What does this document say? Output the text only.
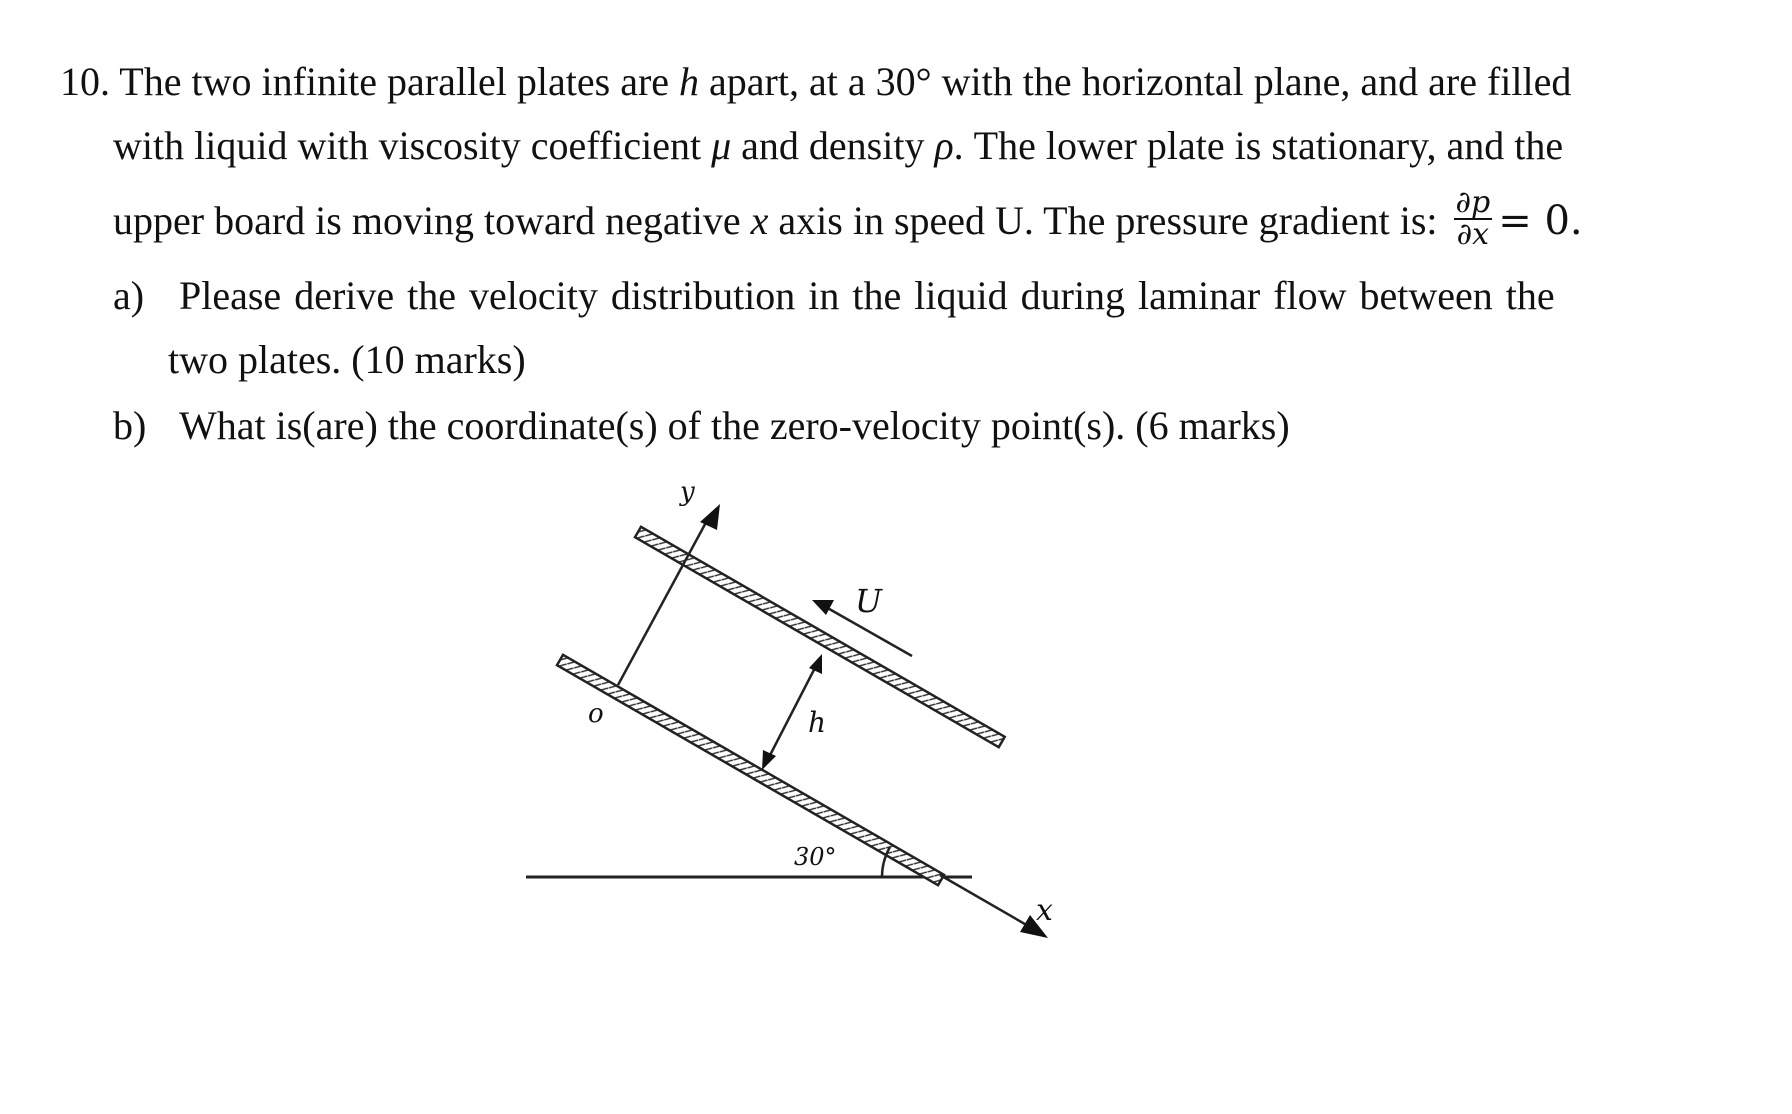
10. The two infinite parallel plates are h apart, at a 30° with the horizontal plane, and are filled
with liquid with viscosity coefficient μ and density ρ. The lower plate is stationary, and the
upper board is moving toward negative x axis in speed U. The pressure gradient is: $\frac{\partial p}{\partial x} = 0$.
a) Please derive the velocity distribution in the liquid during laminar flow between the
two plates. (10 marks)
b) What is(are) the coordinate(s) of the zero-velocity point(s). (6 marks)
x
y
o	h
U
30°
